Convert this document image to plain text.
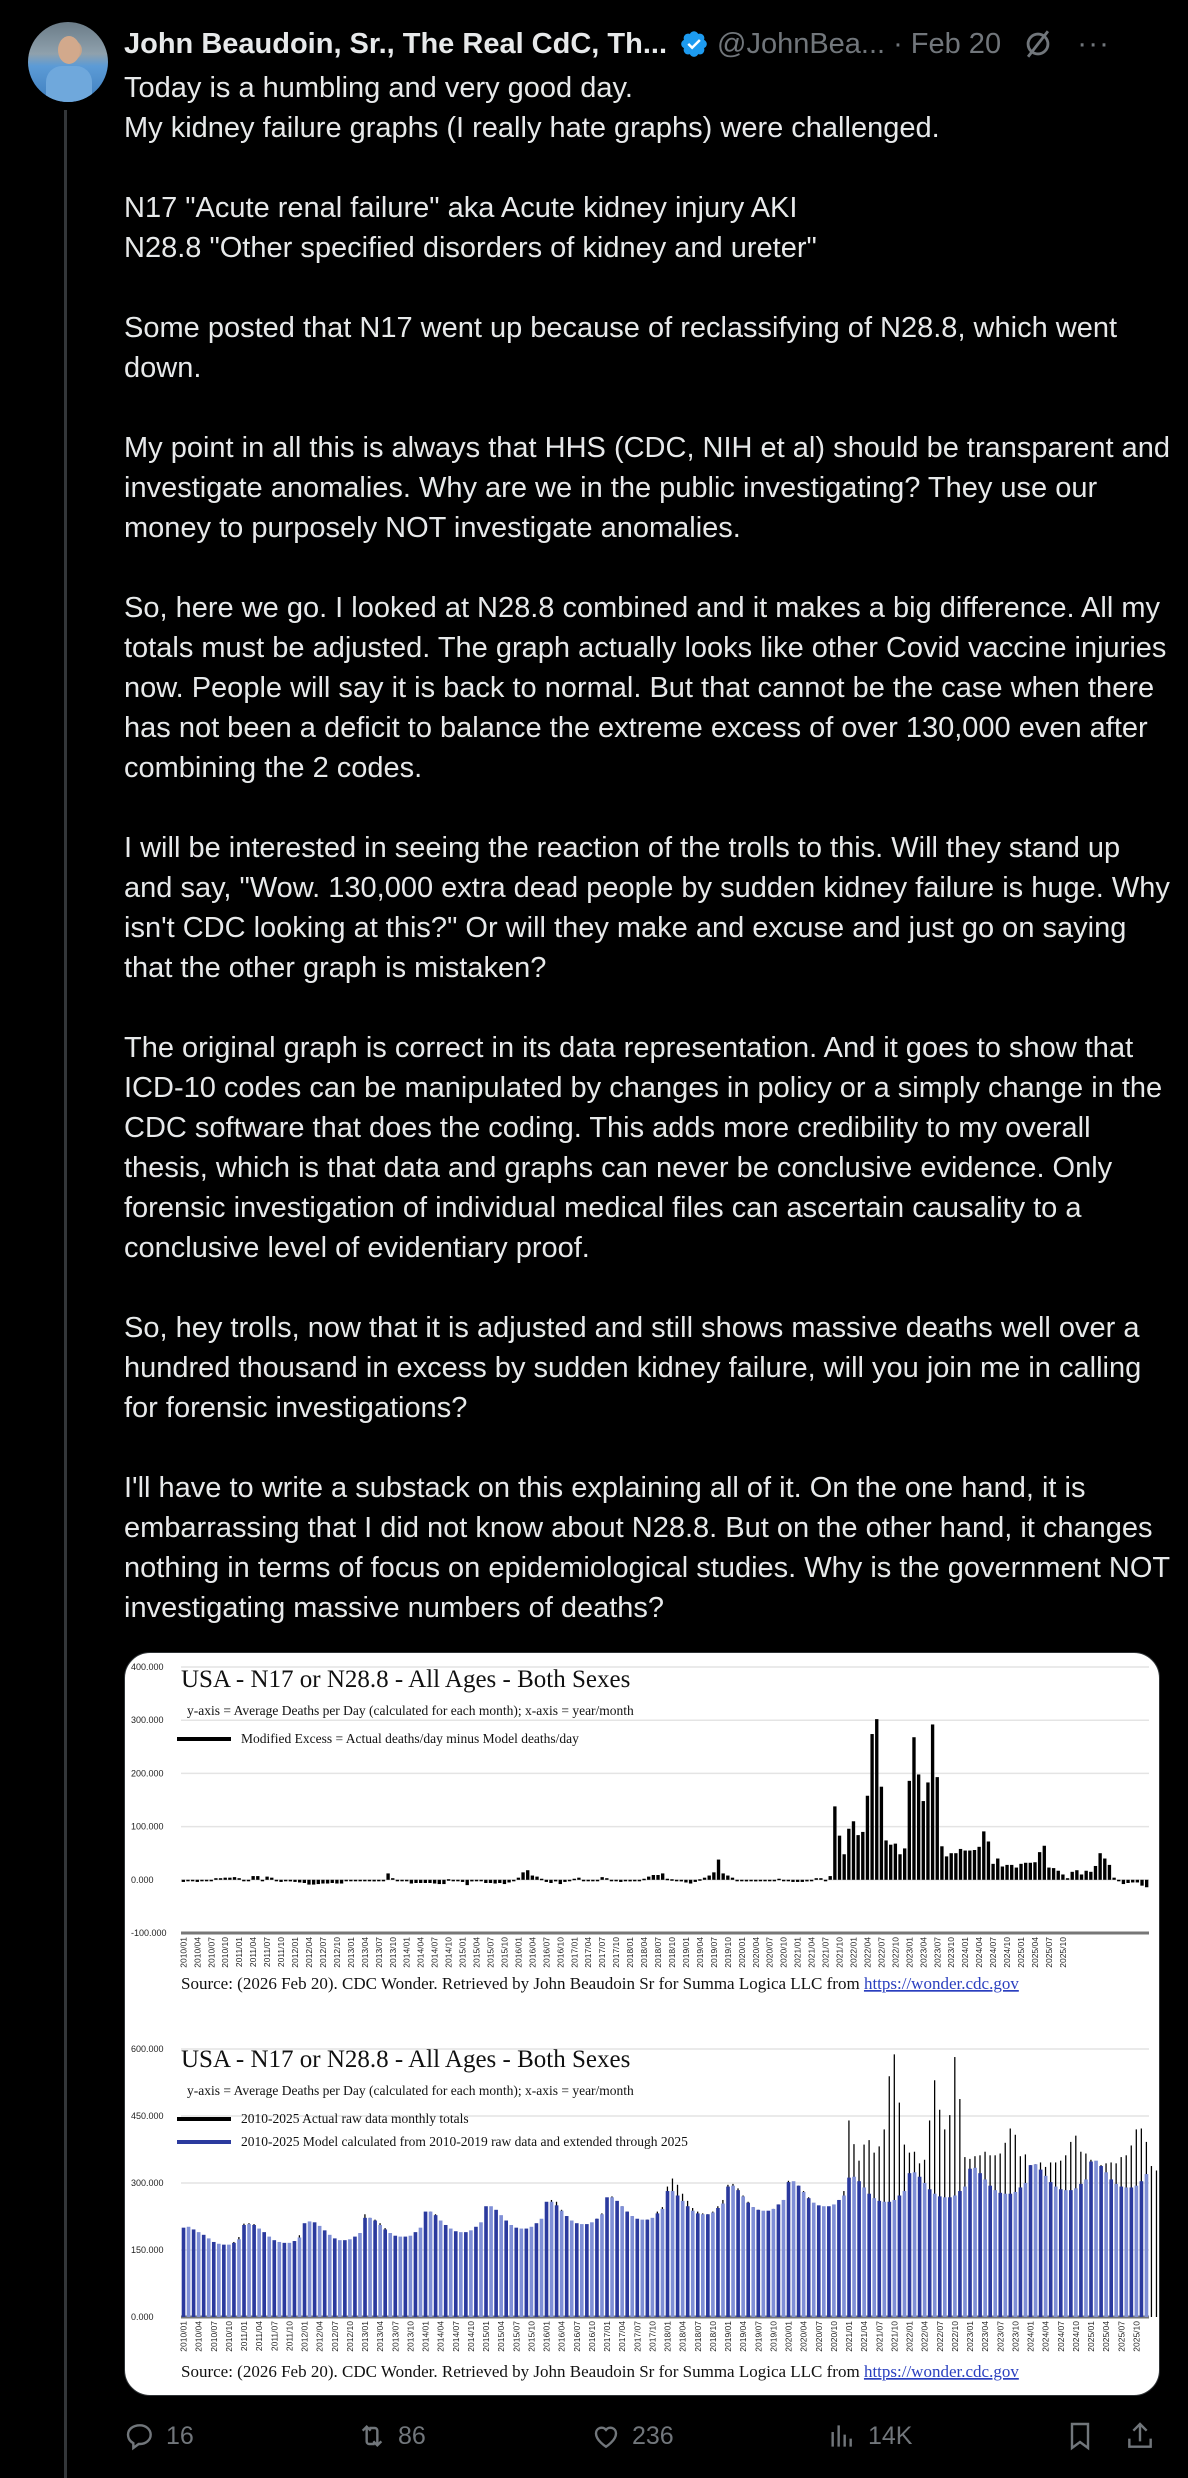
John Beaudoin, Sr., The Real CdC, Th... @JohnBea... · Feb 20	···

Today is a humbling and very good day.
My kidney failure graphs (I really hate graphs) were challenged.

N17 "Acute renal failure" aka Acute kidney injury AKI
N28.8 "Other specified disorders of kidney and ureter"

Some posted that N17 went up because of reclassifying of N28.8, which went down.

My point in all this is always that HHS (CDC, NIH et al) should be transparent and investigate anomalies. Why are we in the public investigating? They use our money to purposely NOT investigate anomalies.

So, here we go. I looked at N28.8 combined and it makes a big difference. All my totals must be adjusted. The graph actually looks like other Covid vaccine injuries now. People will say it is back to normal. But that cannot be the case when there has not been a deficit to balance the extreme excess of over 130,000 even after combining the 2 codes.

I will be interested in seeing the reaction of the trolls to this. Will they stand up and say, "Wow. 130,000 extra dead people by sudden kidney failure is huge. Why isn't CDC looking at this?" Or will they make and excuse and just go on saying that the other graph is mistaken?

The original graph is correct in its data representation. And it goes to show that ICD-10 codes can be manipulated by changes in policy or a simply change in the CDC software that does the coding. This adds more credibility to my overall thesis, which is that data and graphs can never be conclusive evidence. Only forensic investigation of individual medical files can ascertain causality to a conclusive level of evidentiary proof.

So, hey trolls, now that it is adjusted and still shows massive deaths well over a hundred thousand in excess by sudden kidney failure, will you join me in calling for forensic investigations?

I'll have to write a substack on this explaining all of it. On the one hand, it is embarrassing that I did not know about N28.8. But on the other hand, it changes nothing in terms of focus on epidemiological studies. Why is the government NOT investigating massive numbers of deaths?

400.000
300.000
200.000
100.000
0.000
-100.000
2010/01 2010/04 2010/07 2010/10 2011/01 2011/04 2011/07 2011/10 2012/01 2012/04 2012/07 2012/10 2013/01 2013/04 2013/07 2013/10 2014/01 2014/04 2014/07 2014/10 2015/01 2015/04 2015/07 2015/10 2016/01 2016/04 2016/07 2016/10 2017/01 2017/04 2017/07 2017/10 2018/01 2018/04 2018/07 2018/10 2019/01 2019/04 2019/07 2019/10 2020/01 2020/04 2020/07 2020/10 2021/01 2021/04 2021/07 2021/10 2022/01 2022/04 2022/07 2022/10 2023/01 2023/04 2023/07 2023/10 2024/01 2024/04 2024/07 2024/10 2025/01 2025/04 2025/07 2025/10
USA - N17 or N28.8 - All Ages - Both Sexes
y-axis = Average Deaths per Day (calculated for each month); x-axis = year/month
Modified Excess = Actual deaths/day minus Model deaths/day
Source: (2026 Feb 20). CDC Wonder. Retrieved by John Beaudoin Sr for Summa Logica LLC from https://wonder.cdc.gov
600.000
450.000
300.000
150.000
0.000
2010/01 2010/04 2010/07 2010/10 2011/01 2011/04 2011/07 2011/10 2012/01 2012/04 2012/07 2012/10 2013/01 2013/04 2013/07 2013/10 2014/01 2014/04 2014/07 2014/10 2015/01 2015/04 2015/07 2015/10 2016/01 2016/04 2016/07 2016/10 2017/01 2017/04 2017/07 2017/10 2018/01 2018/04 2018/07 2018/10 2019/01 2019/04 2019/07 2019/10 2020/01 2020/04 2020/07 2020/10 2021/01 2021/04 2021/07 2021/10 2022/01 2022/04 2022/07 2022/10 2023/01 2023/04 2023/07 2023/10 2024/01 2024/04 2024/07 2024/10 2025/01 2025/04 2025/07 2025/10
USA - N17 or N28.8 - All Ages - Both Sexes
y-axis = Average Deaths per Day (calculated for each month); x-axis = year/month
2010-2025 Actual raw data monthly totals
2010-2025 Model calculated from 2010-2019 raw data and extended through 2025
Source: (2026 Feb 20). CDC Wonder. Retrieved by John Beaudoin Sr for Summa Logica LLC from https://wonder.cdc.gov
16	86	236	14K
